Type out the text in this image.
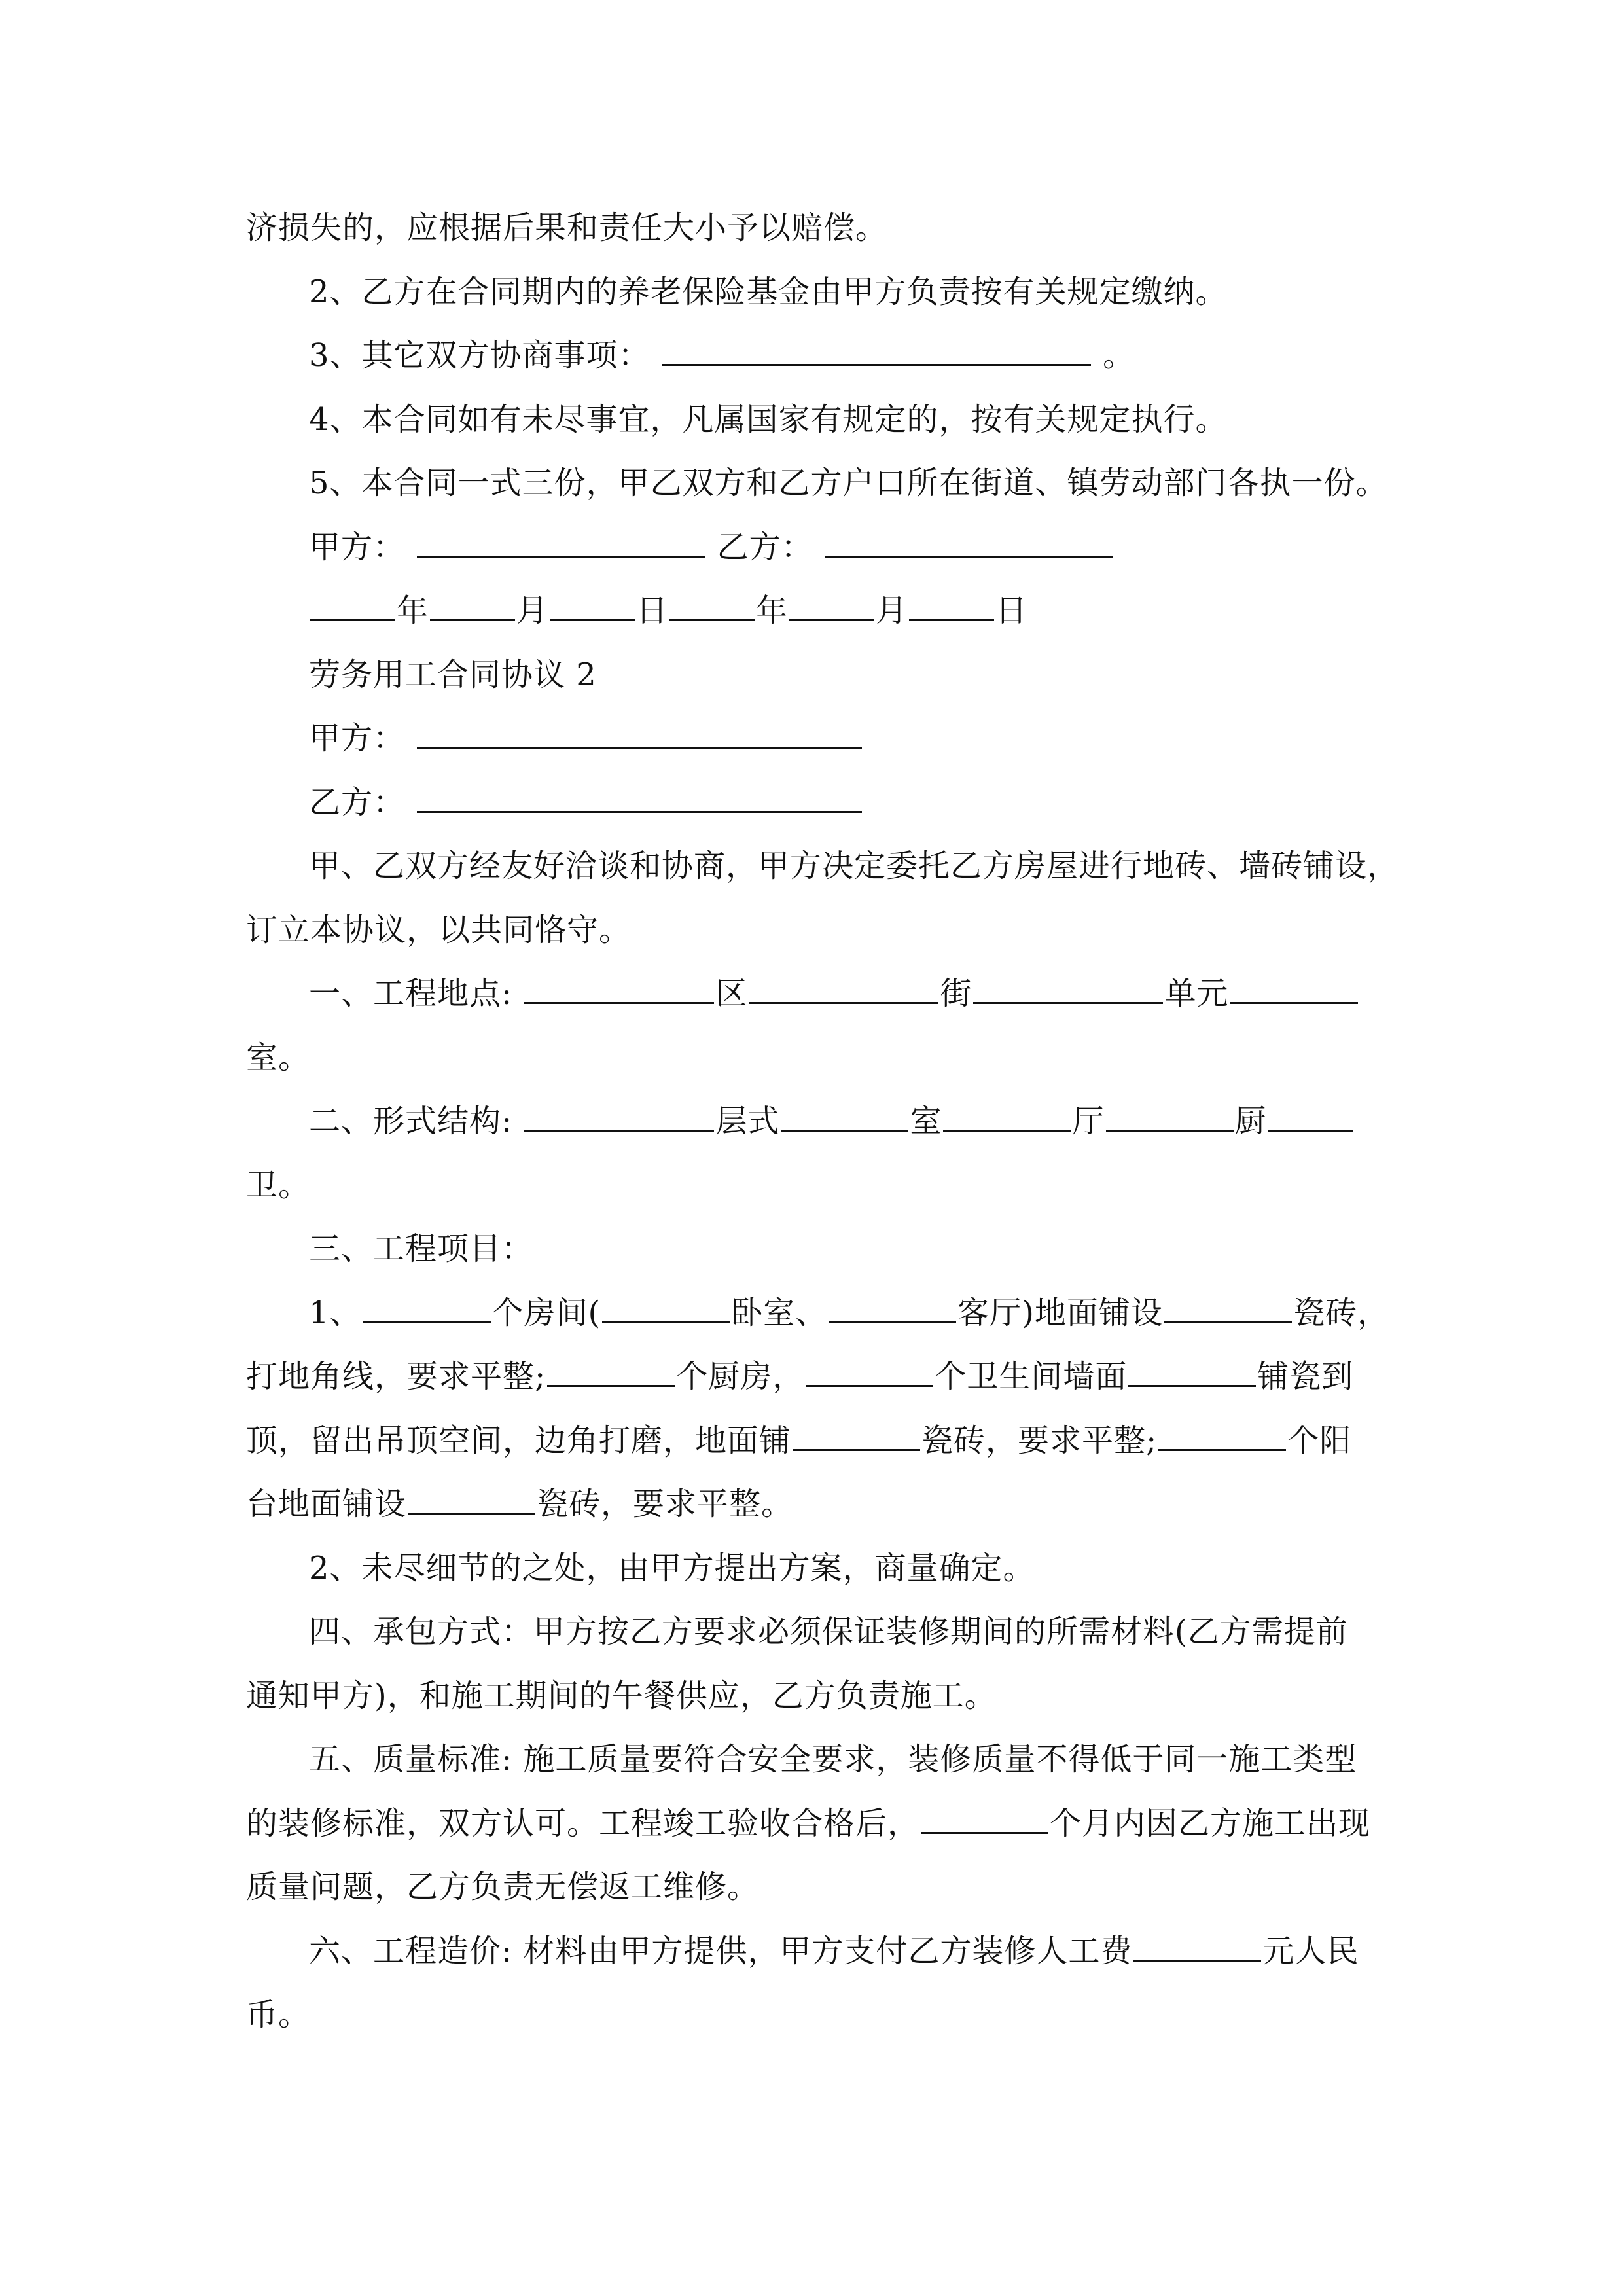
济损失的，应根据后果和责任大小予以赔偿。
2、乙方在合同期内的养老保险基金由甲方负责按有关规定缴纳。
3、其它双方协商事项：	。
4、本合同如有未尽事宜，凡属国家有规定的，按有关规定执行。
5、本合同一式三份，甲乙双方和乙方户口所在街道、镇劳动部门各执一份。
甲方：	乙方：
年	月	日	年	月	日
劳务用工合同协议 2
甲方：
乙方：
甲、乙双方经友好洽谈和协商，甲方决定委托乙方房屋进行地砖、墙砖铺设，
订立本协议，以共同恪守。
一、工程地点:	区	街	单元
室。
二、形式结构:	层式	室	厅	厨
卫。
三、工程项目：
1、	个房间(	卧室、	客厅)地面铺设	瓷砖，
打地角线，要求平整;	个厨房，	个卫生间墙面	铺瓷到
顶，留出吊顶空间，边角打磨，地面铺	瓷砖，要求平整;	个阳
台地面铺设	瓷砖，要求平整。
2、未尽细节的之处，由甲方提出方案，商量确定。
四、承包方式：甲方按乙方要求必须保证装修期间的所需材料(乙方需提前
通知甲方)，和施工期间的午餐供应，乙方负责施工。
五、质量标准: 施工质量要符合安全要求，装修质量不得低于同一施工类型
的装修标准，双方认可。工程竣工验收合格后，	个月内因乙方施工出现
质量问题，乙方负责无偿返工维修。
六、工程造价: 材料由甲方提供，甲方支付乙方装修人工费	元人民
币。
